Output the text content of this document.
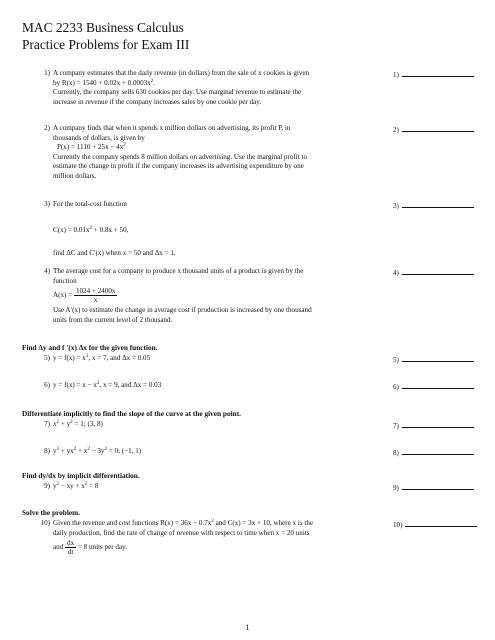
MAC 2233 Business Calculus
Practice Problems for Exam III
1) A company estimates that the daily revenue (in dollars) from the sale of x cookies is given
by $R(x) = 1540 + 0.02x + 0.0003x^2$.
Currently, the company sells 630 cookies per day. Use marginal revenue to estimate the
increase in revenue if the company increases sales by one cookie per day.
1)
2) A company finds that when it spends x million dollars on advertising, its profit P, in
thousands of dollars, is given by
$P(x) = 1110 + 25x - 4x^2$
Currently the company spends 8 million dollars on advertising. Use the marginal profit to
estimate the change in profit if the company increases its advertising expenditure by one
million dollars.
2)
3) For the total-cost function
$C(x) = 0.01x^2 + 0.8x + 50$,
find ΔC and C′(x) when x = 50 and Δx = 1.
3)
4) The average cost for a company to produce x thousand units of a product is given by the
function
$A(x) = \frac{1024 + 2400x}{x}$
Use A′(x) to estimate the change in average cost if production is increased by one thousand
units from the current level of 2 thousand.
4)
Find Δy and f ′(x) Δx for the given function.
5) $y = f(x) = x^3$, x = 7, and Δx = 0.05	5)
6) $y = f(x) = x - x^2$, x = 9, and Δx = 0.03	6)
Differentiate implicitly to find the slope of the curve at the given point.
7) $x^2 + y^2 = 1$; (3, 8)	7)
8) $y^3 + yx^2 + x^2 - 3y^2 = 0$; (−1, 1)	8)
Find dy/dx by implicit differentiation.
9) $y^2$ − xy + $x^2 = 8$	9)
Solve the problem.
10) Given the revenue and cost functions $R(x) = 36x - 0.7x^2$ and C(x) = 3x + 10, where x is the
daily production, find the rate of change of revenue with respect to time when x = 20 units
and $\frac{dx}{dt} = 8$ units per day.
10)
1
